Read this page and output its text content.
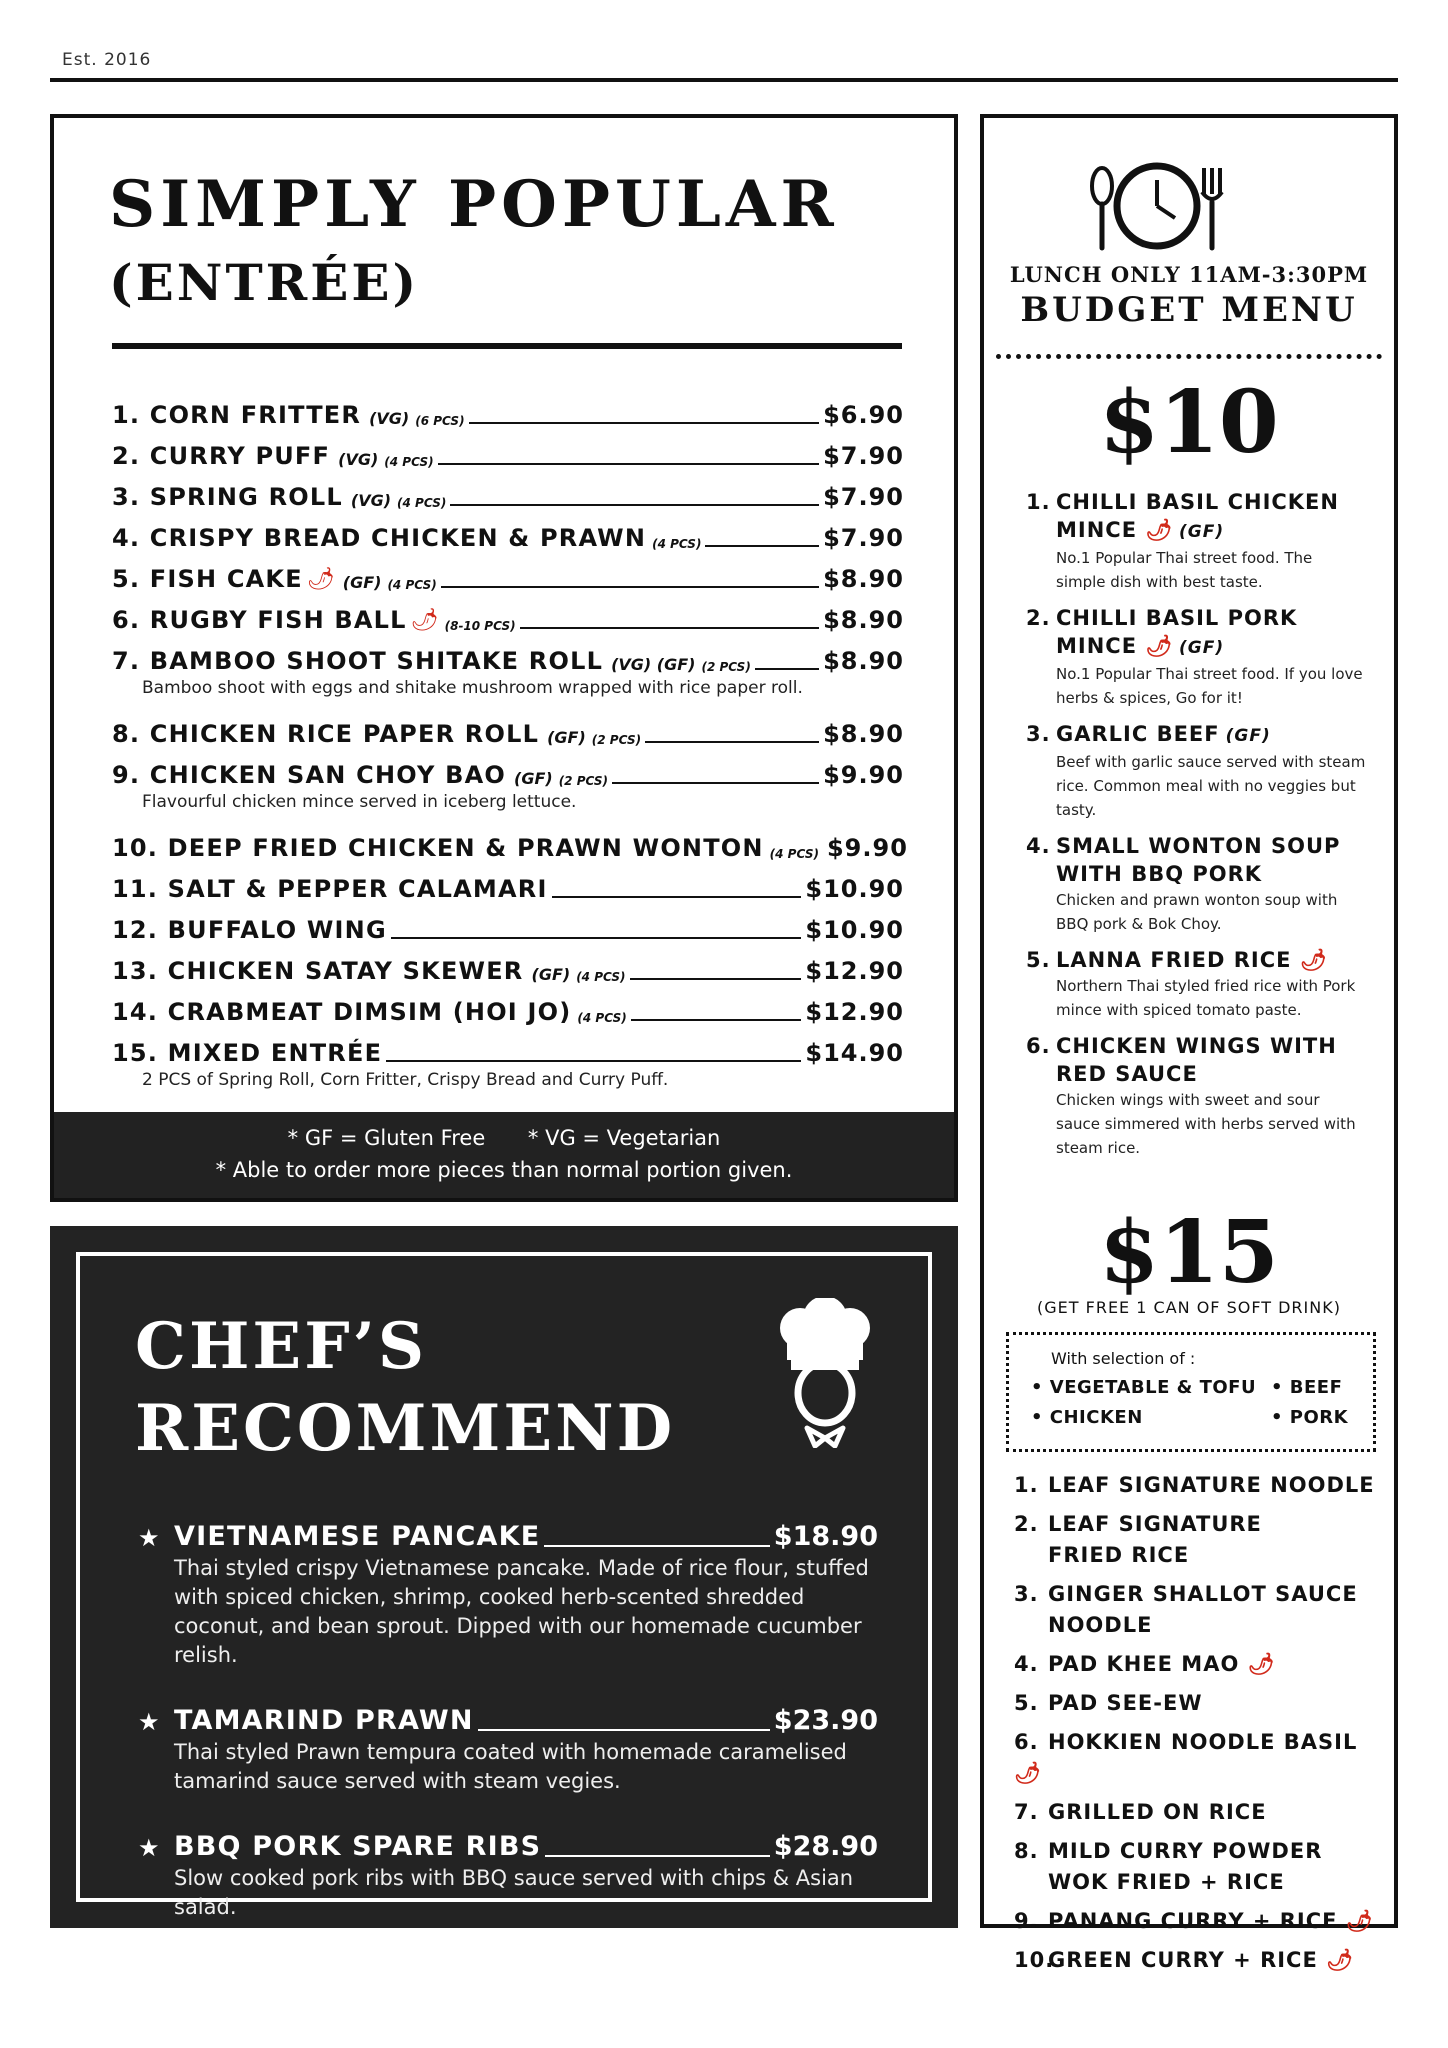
Est. 2016
SIMPLY POPULAR
(ENTRÉE)
1. CORN FRITTER (VG) (6 PCS)	$6.90
2. CURRY PUFF (VG) (4 PCS)	$7.90
3. SPRING ROLL (VG) (4 PCS)	$7.90
4. CRISPY BREAD CHICKEN & PRAWN (4 PCS)	$7.90
5. FISH CAKE 🌶 (GF) (4 PCS)	$8.90
6. RUGBY FISH BALL 🌶 (8-10 PCS)	$8.90
7. BAMBOO SHOOT SHITAKE ROLL (VG) (GF) (2 PCS)	$8.90
Bamboo shoot with eggs and shitake mushroom wrapped with rice paper roll.
8. CHICKEN RICE PAPER ROLL (GF) (2 PCS)	$8.90
9. CHICKEN SAN CHOY BAO (GF) (2 PCS)	$9.90
Flavourful chicken mince served in iceberg lettuce.
10. DEEP FRIED CHICKEN & PRAWN WONTON (4 PCS) $9.90
11. SALT & PEPPER CALAMARI	$10.90
12. BUFFALO WING	$10.90
13. CHICKEN SATAY SKEWER (GF) (4 PCS)	$12.90
14. CRABMEAT DIMSIM (HOI JO) (4 PCS)	$12.90
15. MIXED ENTRÉE	$14.90
2 PCS of Spring Roll, Corn Fritter, Crispy Bread and Curry Puff.
* GF = Gluten Free * VG = Vegetarian
* Able to order more pieces than normal portion given.
CHEF’S
RECOMMEND
★ VIETNAMESE PANCAKE	$18.90
Thai styled crispy Vietnamese pancake. Made of rice flour, stuffed with spiced chicken, shrimp, cooked herb-scented shredded coconut, and bean sprout. Dipped with our homemade cucumber relish.
★ TAMARIND PRAWN	$23.90
Thai styled Prawn tempura coated with homemade caramelised tamarind sauce served with steam vegies.
★ BBQ PORK SPARE RIBS	$28.90
Slow cooked pork ribs with BBQ sauce served with chips & Asian salad.
LUNCH ONLY 11AM-3:30PM
BUDGET MENU
$10
1. CHILLI BASIL CHICKEN
MINCE 🌶 (GF)
No.1 Popular Thai street food. The simple dish with best taste.
2. CHILLI BASIL PORK
MINCE 🌶 (GF)
No.1 Popular Thai street food. If you love herbs & spices, Go for it!
3. GARLIC BEEF (GF)
Beef with garlic sauce served with steam rice. Common meal with no veggies but tasty.
4. SMALL WONTON SOUP
WITH BBQ PORK
Chicken and prawn wonton soup with BBQ pork & Bok Choy.
5. LANNA FRIED RICE 🌶
Northern Thai styled fried rice with Pork mince with spiced tomato paste.
6. CHICKEN WINGS WITH
RED SAUCE
Chicken wings with sweet and sour sauce simmered with herbs served with steam rice.
$15
(GET FREE 1 CAN OF SOFT DRINK)
With selection of :
• VEGETABLE & TOFU
• CHICKEN
• BEEF
• PORK
1. LEAF SIGNATURE NOODLE
2. LEAF SIGNATURE
FRIED RICE
3. GINGER SHALLOT SAUCE
NOODLE
4. PAD KHEE MAO 🌶
5. PAD SEE-EW
6. HOKKIEN NOODLE BASIL 🌶
7. GRILLED ON RICE
8. MILD CURRY POWDER
WOK FRIED + RICE
9. PANANG CURRY + RICE 🌶
10.GREEN CURRY + RICE 🌶
